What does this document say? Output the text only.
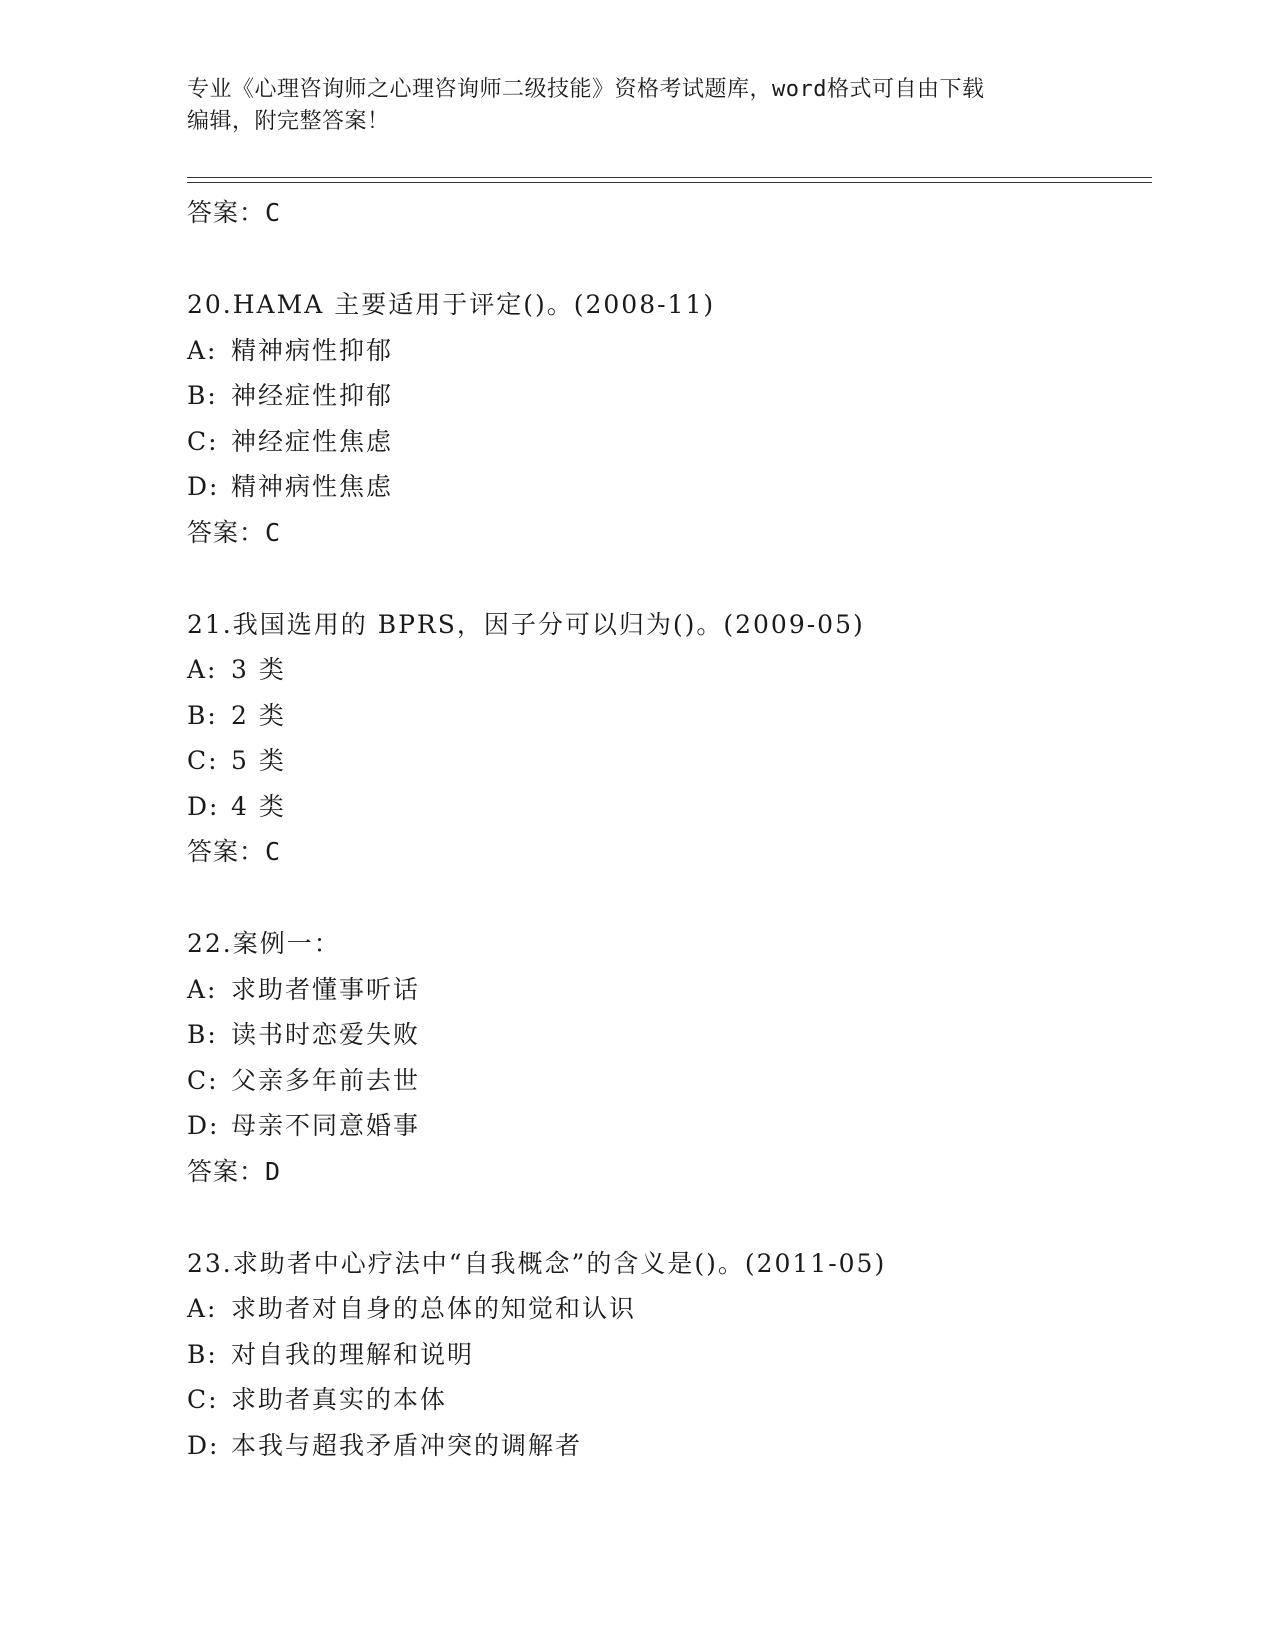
专业《心理咨询师之心理咨询师二级技能》资格考试题库，word格式可自由下载
编辑，附完整答案！
答案：C
20.HAMA 主要适用于评定()。(2008-11)
A: 精神病性抑郁
B: 神经症性抑郁
C: 神经症性焦虑
D: 精神病性焦虑
答案：C
21.我国选用的 BPRS，因子分可以归为()。(2009-05)
A: 3 类
B: 2 类
C: 5 类
D: 4 类
答案：C
22.案例一：
A: 求助者懂事听话
B: 读书时恋爱失败
C: 父亲多年前去世
D: 母亲不同意婚事
答案：D
23.求助者中心疗法中“自我概念”的含义是()。(2011-05)
A: 求助者对自身的总体的知觉和认识
B: 对自我的理解和说明
C: 求助者真实的本体
D: 本我与超我矛盾冲突的调解者
